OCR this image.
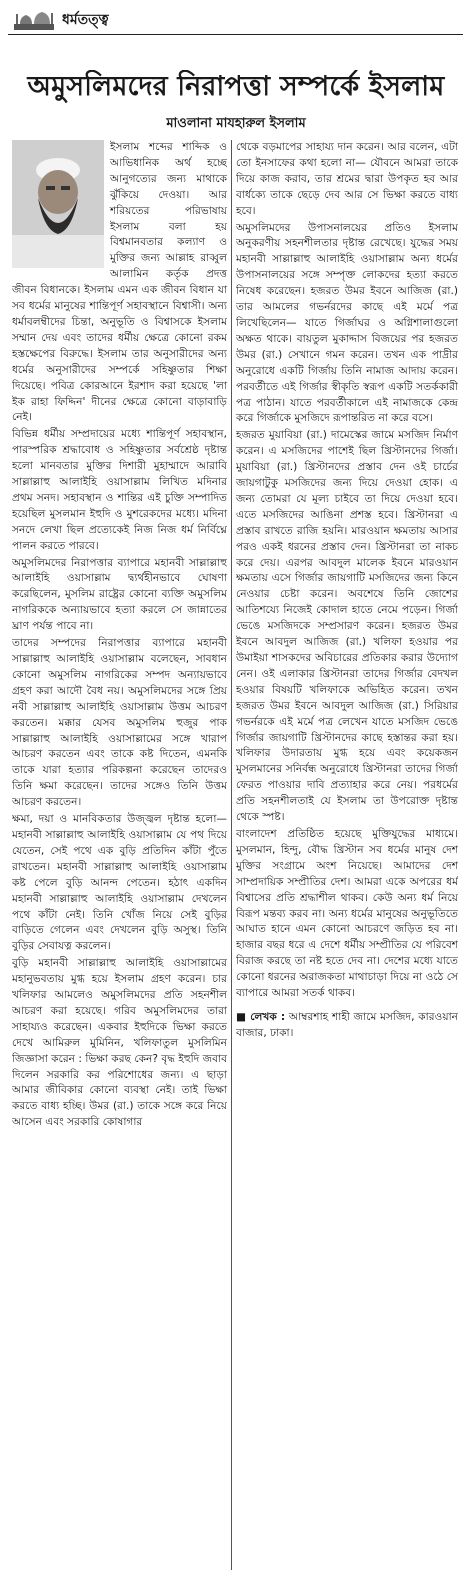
ধর্মতত্ত্ব
অমুসলিমদের নিরাপত্তা সম্পর্কে ইসলাম
মাওলানা মাযহারুল ইসলাম

ইসলাম শব্দের শাব্দিক ও আভিধানিক অর্থ হচ্ছে আনুগত্যের জন্য মাথাকে ঝুঁকিয়ে দেওয়া। আর শরিয়তের পরিভাষায় ইসলাম বলা হয় বিশ্বমানবতার কল্যাণ ও মুক্তির জন্য আল্লাহ রাব্বুল আলামিন কর্তৃক প্রদত্ত জীবন বিধানকে। ইসলাম এমন এক জীবন বিধান যা সব ধর্মের মানুষের শান্তিপূর্ণ সহাবস্থানে বিশ্বাসী। অন্য ধর্মাবলম্বীদের চিন্তা, অনুভূতি ও বিশ্বাসকে ইসলাম সম্মান দেয় এবং তাদের ধর্মীয় ক্ষেত্রে কোনো রকম হস্তক্ষেপের বিরুদ্ধে। ইসলাম তার অনুসারীদের অন্য ধর্মের অনুসারীদের সম্পর্কে সহিষ্ণুতার শিক্ষা দিয়েছে। পবিত্র কোরআনে ইরশাদ করা হয়েছে 'লা ইক রাহা ফিদ্দিন' দীনের ক্ষেত্রে কোনো বাড়াবাড়ি নেই।

বিভিন্ন ধর্মীয় সম্প্রদায়ের মধ্যে শান্তিপূর্ণ সহাবস্থান, পারস্পরিক শ্রদ্ধাবোধ ও সহিষ্ণুতার সর্বশ্রেষ্ঠ দৃষ্টান্ত হলো মানবতার মুক্তির দিশারী মুহাম্মাদে আরাবি সাল্লাল্লাহু আলাইহি ওয়াসাল্লাম লিখিত মদিনার প্রথম সনদ। সহাবস্থান ও শান্তির এই চুক্তি সম্পাদিত হয়েছিল মুসলমান ইহুদি ও মুশরেকদের মধ্যে। মদিনা সনদে লেখা ছিল প্রত্যেকেই নিজ নিজ ধর্ম নির্বিঘ্নে পালন করতে পারবে।

অমুসলিমদের নিরাপত্তার ব্যাপারে মহানবী সাল্লাল্লাহু আলাইহি ওয়াসাল্লাম দ্ব্যর্থহীনভাবে ঘোষণা করেছিলেন, মুসলিম রাষ্ট্রের কোনো ব্যক্তি অমুসলিম নাগরিককে অন্যায়ভাবে হত্যা করলে সে জান্নাতের ঘ্রাণ পর্যন্ত পাবে না।

তাদের সম্পদের নিরাপত্তার ব্যাপারে মহানবী সাল্লাল্লাহু আলাইহি ওয়াসাল্লাম বলেছেন, সাবধান কোনো অমুসলিম নাগরিকের সম্পদ অন্যায়ভাবে গ্রহণ করা আদৌ বৈধ নয়। অমুসলিমদের সঙ্গে প্রিয় নবী সাল্লাল্লাহু আলাইহি ওয়াসাল্লাম উত্তম আচরণ করতেন। মক্কার যেসব অমুসলিম হুজুর পাক সাল্লাল্লাহু আলাইহি ওয়াসাল্লামের সঙ্গে খারাপ আচরণ করতেন এবং তাকে কষ্ট দিতেন, এমনকি তাকে যারা হত্যার পরিকল্পনা করেছেন তাদেরও তিনি ক্ষমা করেছেন। তাদের সঙ্গেও তিনি উত্তম আচরণ করতেন।

ক্ষমা, দয়া ও মানবিকতার উজ্জ্বল দৃষ্টান্ত হলো— মহানবী সাল্লাল্লাহু আলাইহি ওয়াসাল্লাম যে পথ দিয়ে যেতেন, সেই পথে এক বুড়ি প্রতিদিন কাঁটা পুঁতে রাখতেন। মহানবী সাল্লাল্লাহু আলাইহি ওয়াসাল্লাম কষ্ট পেলে বুড়ি আনন্দ পেতেন। হঠাৎ একদিন মহানবী সাল্লাল্লাহু আলাইহি ওয়াসাল্লাম দেখলেন পথে কাঁটা নেই। তিনি খোঁজ নিয়ে সেই বুড়ির বাড়িতে গেলেন এবং দেখলেন বুড়ি অসুস্থ। তিনি বুড়ির সেবাযত্ন করলেন।

বুড়ি মহানবী সাল্লাল্লাহু আলাইহি ওয়াসাল্লামের মহানুভবতায় মুগ্ধ হয়ে ইসলাম গ্রহণ করেন। চার খলিফার আমলেও অমুসলিমদের প্রতি সহনশীল আচরণ করা হয়েছে। গরিব অমুসলিমদের তারা সাহায্যও করেছেন। একবার ইহুদিকে ভিক্ষা করতে দেখে আমিরুল মুমিনিন, খলিফাতুল মুসলিমিন জিজ্ঞাসা করেন : ভিক্ষা করছ কেন? বৃদ্ধ ইহুদি জবাব দিলেন সরকারি কর পরিশোধের জন্য। এ ছাড়া আমার জীবিকার কোনো ব্যবস্থা নেই। তাই ভিক্ষা করতে বাধ্য হচ্ছি। উমর (রা.) তাকে সঙ্গে করে নিয়ে আসেন এবং সরকারি কোষাগার

থেকে বড়মাপের সাহায্য দান করেন। আর বলেন, এটা তো ইনসাফের কথা হলো না— যৌবনে আমরা তাকে দিয়ে কাজ করাব, তার শ্রমের দ্বারা উপকৃত হব আর বার্ধক্যে তাকে ছেড়ে দেব আর সে ভিক্ষা করতে বাধ্য হবে।

অমুসলিমদের উপাসনালয়ের প্রতিও ইসলাম অনুকরণীয় সহনশীলতার দৃষ্টান্ত রেখেছে। যুদ্ধের সময় মহানবী সাল্লাল্লাহু আলাইহি ওয়াসাল্লাম অন্য ধর্মের উপাসনালয়ের সঙ্গে সম্পৃক্ত লোকদের হত্যা করতে নিষেধ করেছেন। হজরত উমর ইবনে আজিজ (রা.) তার আমলের গভর্নরদের কাছে এই মর্মে পত্র লিখেছিলেন— যাতে গির্জাঘর ও অগ্নিশালাগুলো অক্ষত থাকে। বায়তুল মুকাদ্দাস বিজয়ের পর হজরত উমর (রা.) সেখানে গমন করেন। তখন এক পাদ্রীর অনুরোধে একটি গির্জায় তিনি নামাজ আদায় করেন। পরবর্তীতে এই গির্জার স্বীকৃতি স্বরূপ একটি সতর্ককারী পত্র পাঠান। যাতে পরবর্তীকালে এই নামাজকে কেন্দ্র করে গির্জাকে মুসজিদে রূপান্তরিত না করে বসে।

হজরত মুয়াবিয়া (রা.) দামেস্কের জামে মসজিদ নির্মাণ করেন। এ মসজিদের পাশেই ছিল খ্রিস্টানদের গির্জা। মুয়াবিয়া (রা.) খ্রিস্টানদের প্রস্তাব দেন ওই চার্চের জায়গাটুকু মসজিদের জন্য দিয়ে দেওয়া হোক। এ জন্য তোমরা যে মূল্য চাইবে তা দিয়ে দেওয়া হবে। এতে মসজিদের আঙিনা প্রশস্ত হবে। খ্রিস্টানরা এ প্রস্তাব রাখতে রাজি হয়নি। মারওয়ান ক্ষমতায় আসার পরও একই ধরনের প্রস্তাব দেন। খ্রিস্টানরা তা নাকচ করে দেয়। এরপর আবদুল মালেক ইবনে মারওয়ান ক্ষমতায় এসে গির্জার জায়গাটি মসজিদের জন্য কিনে নেওয়ার চেষ্টা করেন। অবশেষে তিনি জোশের আতিশয্যে নিজেই কোদাল হাতে নেমে পড়েন। গির্জা ভেঙে মসজিদকে সম্প্রসারণ করেন। হজরত উমর ইবনে আবদুল আজিজ (রা.) খলিফা হওয়ার পর উমাইয়া শাসকদের অবিচারের প্রতিকার করার উদ্যোগ নেন। ওই এলাকার খ্রিস্টানরা তাদের গির্জার বেদখল হওয়ার বিষয়টি খলিফাকে অভিহিত করেন। তখন হজরত উমর ইবনে আবদুল আজিজ (রা.) সিরিয়ার গভর্নরকে এই মর্মে পত্র লেখেন যাতে মসজিদ ভেঙে গির্জার জায়গাটি খ্রিস্টানদের কাছে হস্তান্তর করা হয়। খলিফার উদারতায় মুগ্ধ হয়ে এবং কয়েকজন মুসলমানের সনির্বন্ধ অনুরোধে খ্রিস্টানরা তাদের গির্জা ফেরত পাওয়ার দাবি প্রত্যাহার করে নেয়। পরধর্মের প্রতি সহনশীলতাই যে ইসলাম তা উপরোক্ত দৃষ্টান্ত থেকে স্পষ্ট।

বাংলাদেশ প্রতিষ্ঠিত হয়েছে মুক্তিযুদ্ধের মাধ্যমে। মুসলমান, হিন্দু, বৌদ্ধ খ্রিস্টান সব ধর্মের মানুষ দেশ মুক্তির সংগ্রামে অংশ নিয়েছে। আমাদের দেশ সাম্প্রদায়িক সম্প্রীতির দেশ। আমরা একে অপরের ধর্ম বিশ্বাসের প্রতি শ্রদ্ধাশীল থাকব। কেউ অন্য ধর্ম নিয়ে বিরূপ মন্তব্য করব না। অন্য ধর্মের মানুষের অনুভূতিতে আঘাত হানে এমন কোনো আচরণে জড়িত হব না। হাজার বছর ধরে এ দেশে ধর্মীয় সম্প্রীতির যে পরিবেশ বিরাজ করছে তা নষ্ট হতে দেব না। দেশের মধ্যে যাতে কোনো ধরনের অরাজকতা মাথাচাড়া দিয়ে না ওঠে সে ব্যাপারে আমরা সতর্ক থাকব।

■ লেখক : আম্বরশাহ শাহী জামে মসজিদ, কারওয়ান বাজার, ঢাকা।
